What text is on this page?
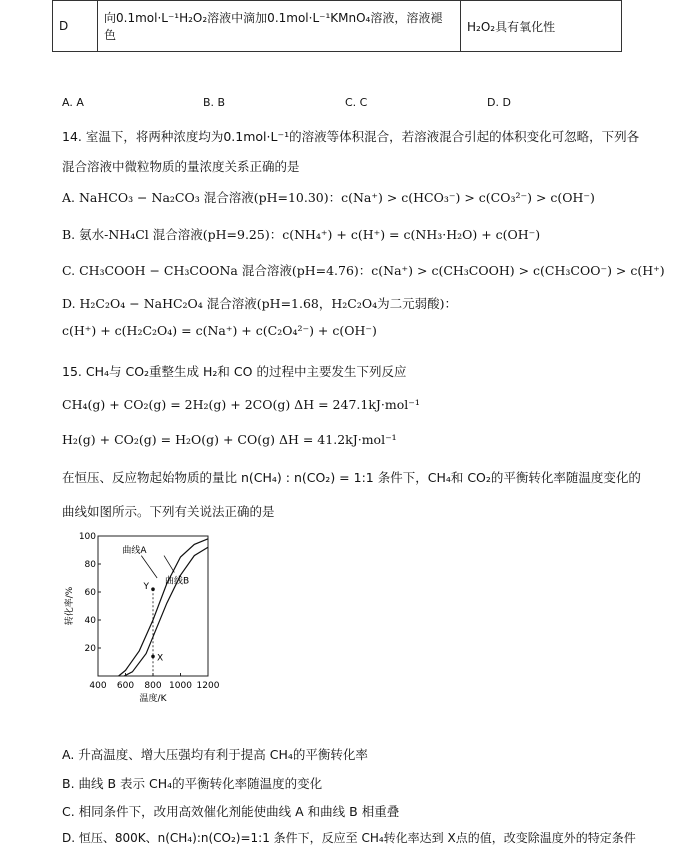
D	向0.1mol·L⁻¹H₂O₂溶液中滴加0.1mol·L⁻¹KMnO₄溶液，溶液褪色	H₂O₂具有氧化性
A. A	B. B	C. C	D. D
14. 室温下，将两种浓度均为0.1mol·L⁻¹的溶液等体积混合，若溶液混合引起的体积变化可忽略，下列各
混合溶液中微粒物质的量浓度关系正确的是
A. NaHCO₃ − Na₂CO₃ 混合溶液(pH=10.30)：c(Na⁺) > c(HCO₃⁻) > c(CO₃²⁻) > c(OH⁻)
B. 氨水-NH₄Cl 混合溶液(pH=9.25)：c(NH₄⁺) + c(H⁺) = c(NH₃·H₂O) + c(OH⁻)
C. CH₃COOH − CH₃COONa 混合溶液(pH=4.76)：c(Na⁺) > c(CH₃COOH) > c(CH₃COO⁻) > c(H⁺)
D. H₂C₂O₄ − NaHC₂O₄ 混合溶液(pH=1.68，H₂C₂O₄为二元弱酸)：
c(H⁺) + c(H₂C₂O₄) = c(Na⁺) + c(C₂O₄²⁻) + c(OH⁻)
15. CH₄与 CO₂重整生成 H₂和 CO 的过程中主要发生下列反应
CH₄(g) + CO₂(g) = 2H₂(g) + 2CO(g) ΔH = 247.1kJ·mol⁻¹
H₂(g) + CO₂(g) = H₂O(g) + CO(g) ΔH = 41.2kJ·mol⁻¹
在恒压、反应物起始物质的量比 n(CH₄) : n(CO₂) = 1:1 条件下，CH₄和 CO₂的平衡转化率随温度变化的
曲线如图所示。下列有关说法正确的是
20
40
60
80
100
400 600 800 1000 1200
温度/K
转化率/%
曲线A
曲线B
Y
X
A. 升高温度、增大压强均有利于提高 CH₄的平衡转化率
B. 曲线 B 表示 CH₄的平衡转化率随温度的变化
C. 相同条件下，改用高效催化剂能使曲线 A 和曲线 B 相重叠
D. 恒压、800K、n(CH₄):n(CO₂)=1:1 条件下，反应至 CH₄转化率达到 X点的值，改变除温度外的特定条件
